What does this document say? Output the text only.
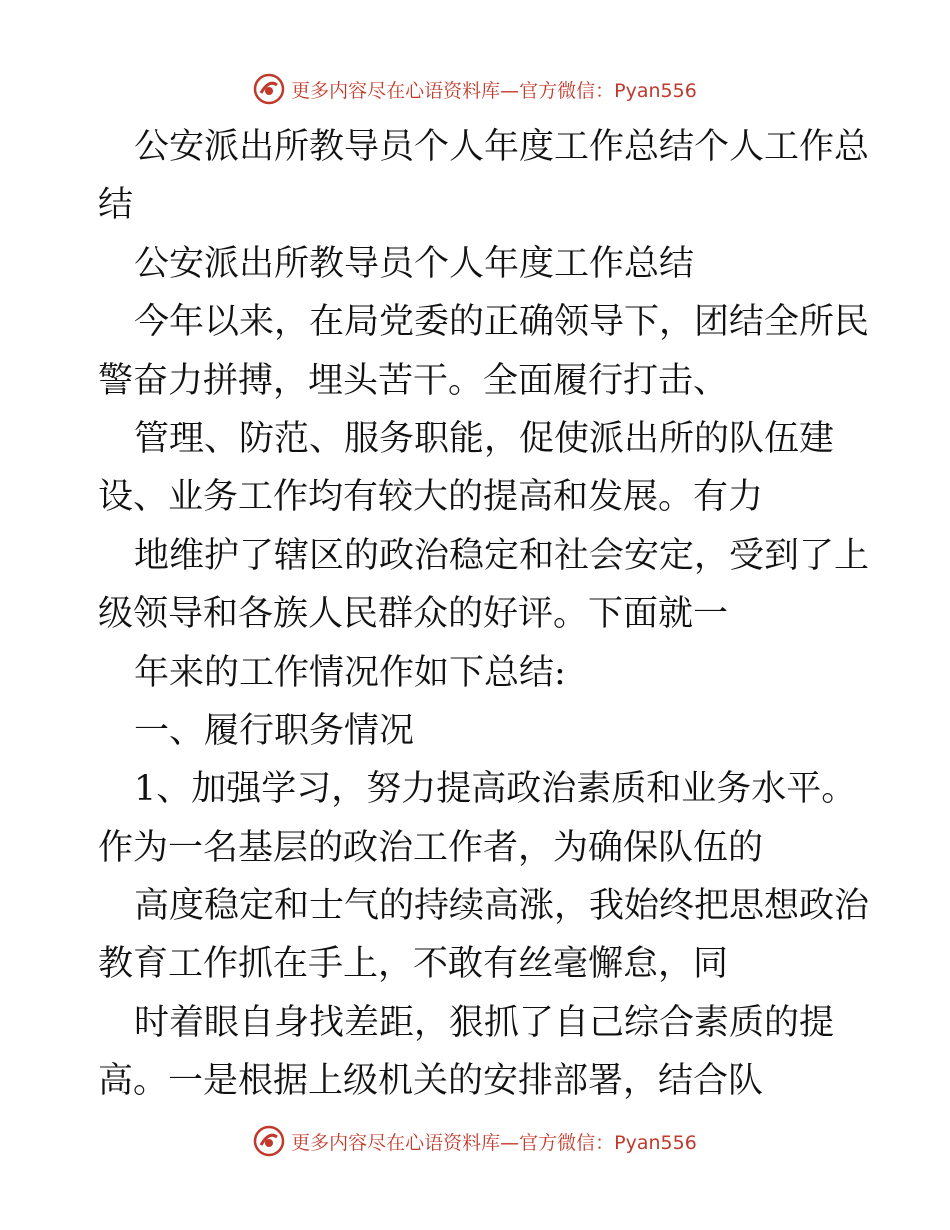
更多内容尽在心语资料库 —官方微信：Pyan556
公安派出所教导员个人年度工作总结个人工作总
结
公安派出所教导员个人年度工作总结
今年以来，在局党委的正确领导下，团结全所民
警奋力拼搏，埋头苦干。全面履行打击、
管理、防范、服务职能，促使派出所的队伍建
设、业务工作均有较大的提高和发展。有力
地维护了辖区的政治稳定和社会安定，受到了上
级领导和各族人民群众的好评。下面就一
年来的工作情况作如下总结:
一、履行职务情况
1、加强学习，努力提高政治素质和业务水平。
作为一名基层的政治工作者，为确保队伍的
高度稳定和士气的持续高涨，我始终把思想政治
教育工作抓在手上，不敢有丝毫懈怠，同
时着眼自身找差距，狠抓了自己综合素质的提
高。一是根据上级机关的安排部署，结合队
更多内容尽在心语资料库 —官方微信：Pyan556
